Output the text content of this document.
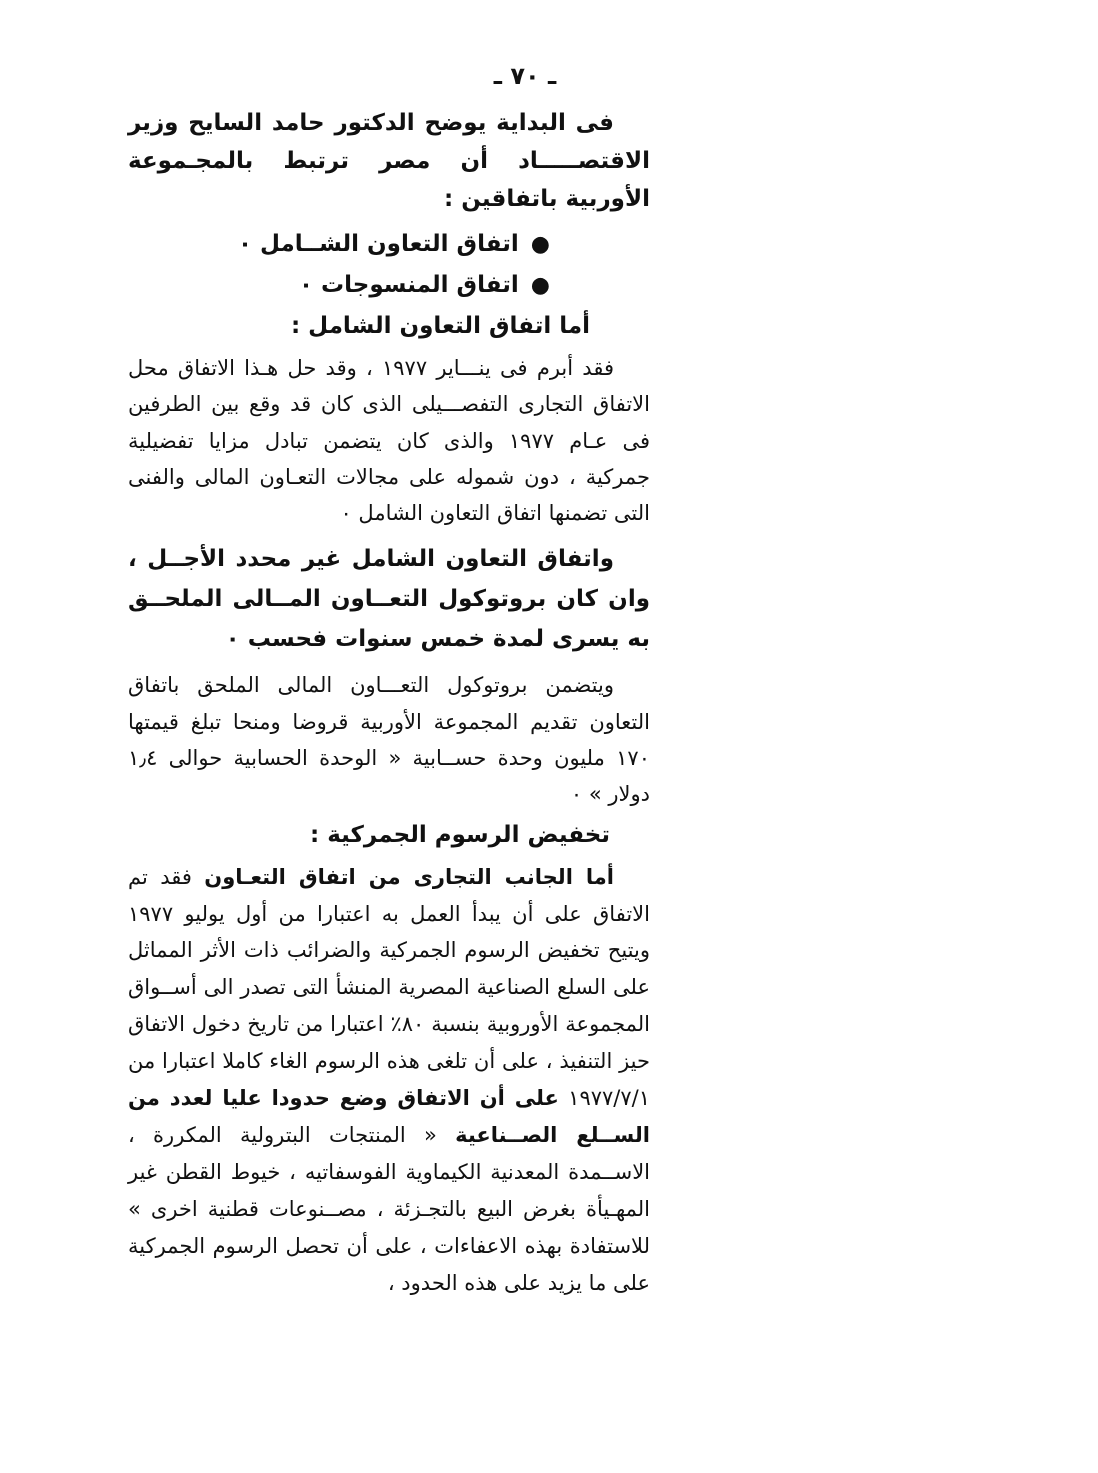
ـ ٧٠ ـ

فى البداية يوضح الدكتور حامد السايح وزير الاقتصـــــاد أن مصر ترتبط بالمجـموعة الأوربية باتفاقين :

●اتفاق التعاون الشــامل ٠
●اتفاق المنسوجات ٠

أما اتفاق التعاون الشامل :

فقد أبرم فى ينـــاير ١٩٧٧ ، وقد حل هـذا الاتفاق محل الاتفاق التجارى التفصـــيلى الذى كان قد وقع بين الطرفين فى عـام ١٩٧٧ والذى كان يتضمن تبادل مزايا تفضيلية جمركية ، دون شموله على مجالات التعـاون المالى والفنى التى تضمنها اتفاق التعاون الشامل ٠

واتفاق التعاون الشامل غير محدد الأجــل ، وان كان بروتوكول التعــاون المــالى الملحــق به يسرى لمدة خمس سنوات فحسب ٠

ويتضمن بروتوكول التعـــاون المالى الملحق باتفاق التعاون تقديم المجموعة الأوربية قروضا ومنحا تبلغ قيمتها ١٧٠ مليون وحدة حســابية « الوحدة الحسابية حوالى ١٫٤ دولار » ٠

تخفيض الرسوم الجمركية :

أما الجانب التجارى من اتفاق التعـاون فقد تم الاتفاق على أن يبدأ العمل به اعتبارا من أول يوليو ١٩٧٧ ويتيح تخفيض الرسوم الجمركية والضرائب ذات الأثر المماثل على السلع الصناعية المصرية المنشأ التى تصدر الى أســواق المجموعة الأوروبية بنسبة ٨٠٪ اعتبارا من تاريخ دخول الاتفاق حيز التنفيذ ، على أن تلغى هذه الرسوم الغاء كاملا اعتبارا من ١٩٧٧/٧/١ على أن الاتفاق وضع حدودا عليا لعدد من الســلع الصــناعية « المنتجات البترولية المكررة ، الاســمدة المعدنية الكيماوية الفوسفاتيه ، خيوط القطن غير المهـيأة بغرض البيع بالتجـزئة ، مصــنوعات قطنية اخرى » للاستفادة بهذه الاعفاءات ، على أن تحصل الرسوم الجمركية على ما يزيد على هذه الحدود ،
